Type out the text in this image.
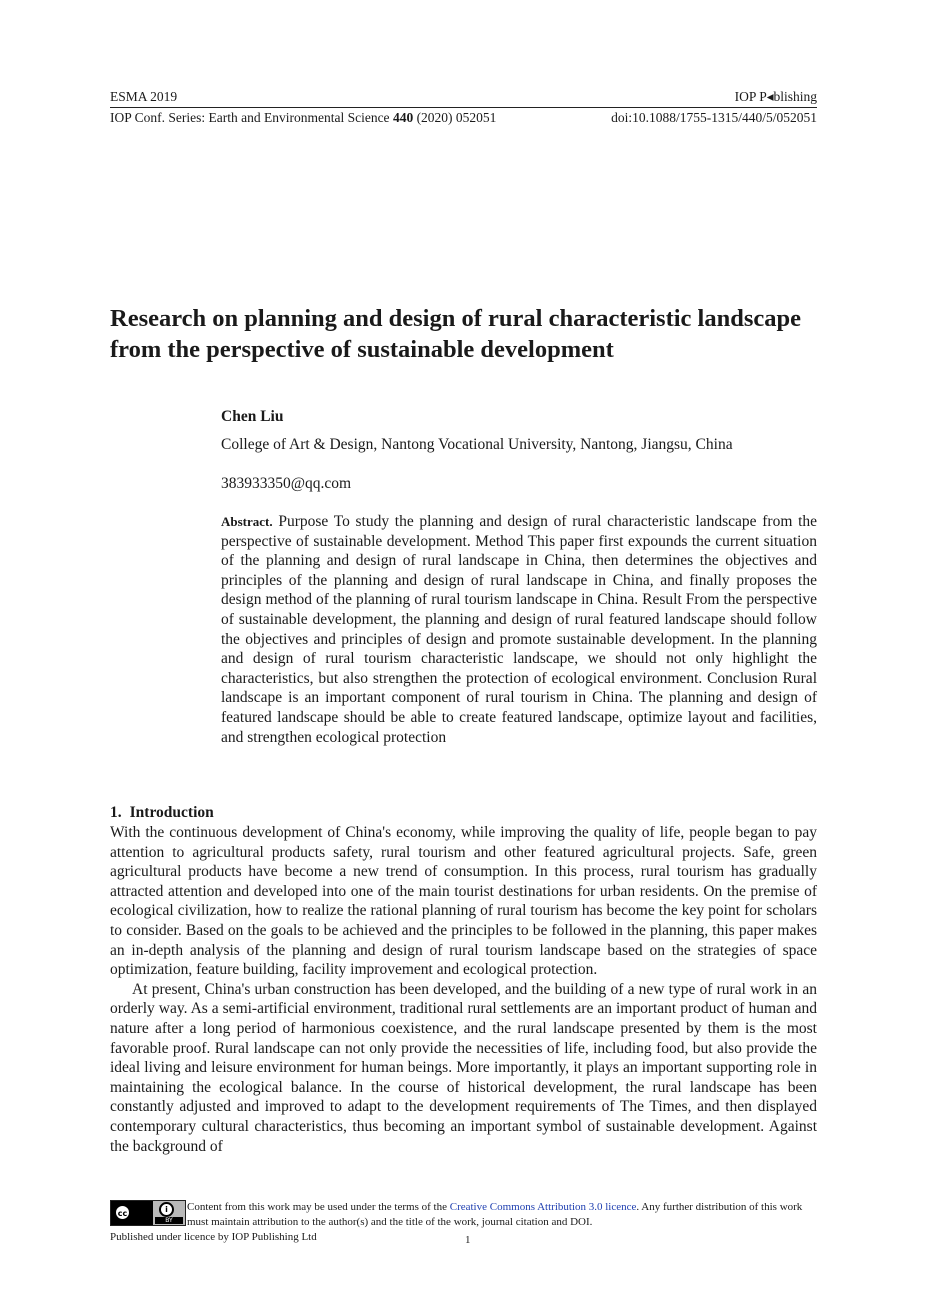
ESMA 2019	IOP P◂blishing
IOP Conf. Series: Earth and Environmental Science 440 (2020) 052051	doi:10.1088/1755-1315/440/5/052051
Research on planning and design of rural characteristic landscape from the perspective of sustainable development
Chen Liu
College of Art & Design, Nantong Vocational University, Nantong, Jiangsu, China
383933350@qq.com

Abstract. Purpose To study the planning and design of rural characteristic landscape from the perspective of sustainable development. Method This paper first expounds the current situation of the planning and design of rural landscape in China, then determines the objectives and principles of the planning and design of rural landscape in China, and finally proposes the design method of the planning of rural tourism landscape in China. Result From the perspective of sustainable development, the planning and design of rural featured landscape should follow the objectives and principles of design and promote sustainable development. In the planning and design of rural tourism characteristic landscape, we should not only highlight the characteristics, but also strengthen the protection of ecological environment. Conclusion Rural landscape is an important component of rural tourism in China. The planning and design of featured landscape should be able to create featured landscape, optimize layout and facilities, and strengthen ecological protection

1. Introduction

With the continuous development of China's economy, while improving the quality of life, people began to pay attention to agricultural products safety, rural tourism and other featured agricultural projects. Safe, green agricultural products have become a new trend of consumption. In this process, rural tourism has gradually attracted attention and developed into one of the main tourist destinations for urban residents. On the premise of ecological civilization, how to realize the rational planning of rural tourism has become the key point for scholars to consider. Based on the goals to be achieved and the principles to be followed in the planning, this paper makes an in-depth analysis of the planning and design of rural tourism landscape based on the strategies of space optimization, feature building, facility improvement and ecological protection.

At present, China's urban construction has been developed, and the building of a new type of rural work in an orderly way. As a semi-artificial environment, traditional rural settlements are an important product of human and nature after a long period of harmonious coexistence, and the rural landscape presented by them is the most favorable proof. Rural landscape can not only provide the necessities of life, including food, but also provide the ideal living and leisure environment for human beings. More importantly, it plays an important supporting role in maintaining the ecological balance. In the course of historical development, the rural landscape has been constantly adjusted and improved to adapt to the development requirements of The Times, and then displayed contemporary cultural characteristics, thus becoming an important symbol of sustainable development. Against the background of

cc	i
BY
Content from this work may be used under the terms of the Creative Commons Attribution 3.0 licence. Any further distribution of this work must maintain attribution to the author(s) and the title of the work, journal citation and DOI.
Published under licence by IOP Publishing Ltd	1
